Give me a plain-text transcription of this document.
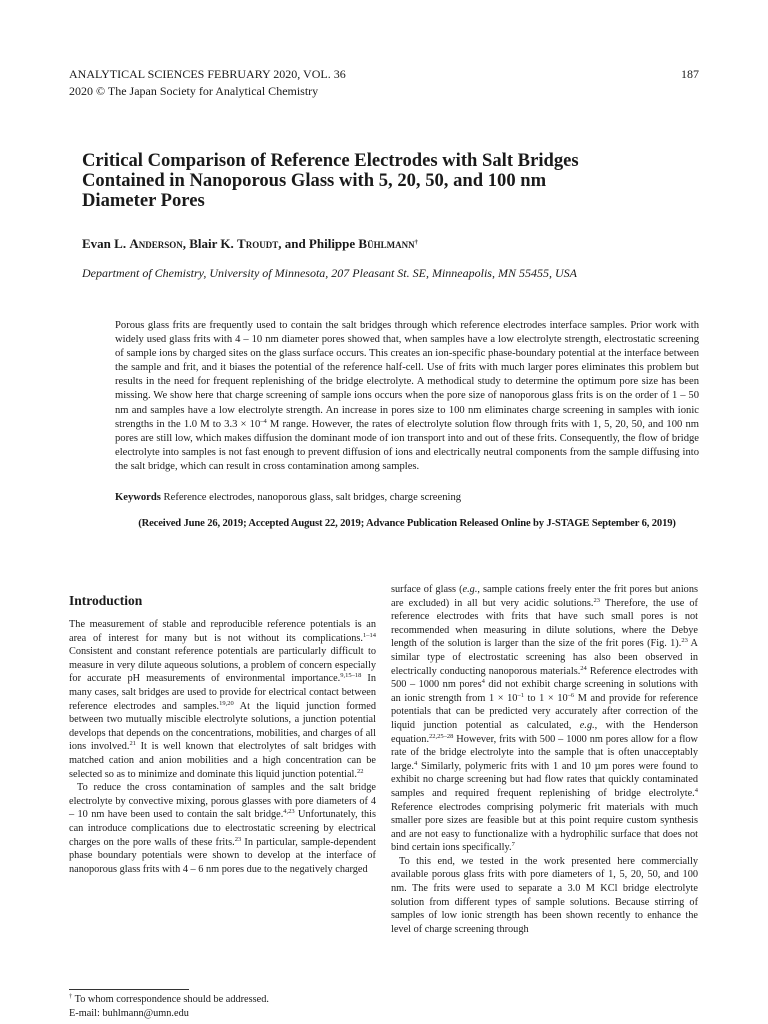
ANALYTICAL SCIENCES FEBRUARY 2020, VOL. 36	187
2020 © The Japan Society for Analytical Chemistry
Critical Comparison of Reference Electrodes with Salt Bridges
Contained in Nanoporous Glass with 5, 20, 50, and 100 nm
Diameter Pores
Evan L. Anderson, Blair K. Troudt, and Philippe Bühlmann†
Department of Chemistry, University of Minnesota, 207 Pleasant St. SE, Minneapolis, MN 55455, USA
Porous glass frits are frequently used to contain the salt bridges through which reference electrodes interface samples. Prior work with widely used glass frits with 4 – 10 nm diameter pores showed that, when samples have a low electrolyte strength, electrostatic screening of sample ions by charged sites on the glass surface occurs. This creates an ion-specific phase-boundary potential at the interface between the sample and frit, and it biases the potential of the reference half-cell. Use of frits with much larger pores eliminates this problem but results in the need for frequent replenishing of the bridge electrolyte. A methodical study to determine the optimum pore size has been missing. We show here that charge screening of sample ions occurs when the pore size of nanoporous glass frits is on the order of 1 – 50 nm and samples have a low electrolyte strength. An increase in pores size to 100 nm eliminates charge screening in samples with ionic strengths in the 1.0 M to $3.3 \times 10^{-4}$ M range. However, the rates of electrolyte solution flow through frits with 1, 5, 20, 50, and 100 nm pores are still low, which makes diffusion the dominant mode of ion transport into and out of these frits. Consequently, the flow of bridge electrolyte into samples is not fast enough to prevent diffusion of ions and electrically neutral components from the sample diffusing into the salt bridge, which can result in cross contamination among samples.
Keywords Reference electrodes, nanoporous glass, salt bridges, charge screening
(Received June 26, 2019; Accepted August 22, 2019; Advance Publication Released Online by J-STAGE September 6, 2019)
Introduction

The measurement of stable and reproducible reference potentials is an area of interest for many but is not without its complications.$^{1-14}$ Consistent and constant reference potentials are particularly difficult to measure in very dilute aqueous solutions, a problem of concern especially for accurate pH measurements of environmental importance.$^{9,15-18}$ In many cases, salt bridges are used to provide for electrical contact between reference electrodes and samples.$^{19,20}$ At the liquid junction formed between two mutually miscible electrolyte solutions, a junction potential develops that depends on the concentrations, mobilities, and charges of all ions involved.$^{21}$ It is well known that electrolytes of salt bridges with matched cation and anion mobilities and a high concentration can be selected so as to minimize and dominate this liquid junction potential.$^{22}$

To reduce the cross contamination of samples and the salt bridge electrolyte by convective mixing, porous glasses with pore diameters of 4 – 10 nm have been used to contain the salt bridge.$^{4,23}$ Unfortunately, this can introduce complications due to electrostatic screening by electrical charges on the pore walls of these frits.$^{23}$ In particular, sample-dependent phase boundary potentials were shown to develop at the interface of nanoporous glass frits with 4 – 6 nm pores due to the negatively charged

† To whom correspondence should be addressed.
E-mail: buhlmann@umn.edu

surface of glass (e.g., sample cations freely enter the frit pores but anions are excluded) in all but very acidic solutions.$^{23}$ Therefore, the use of reference electrodes with frits that have such small pores is not recommended when measuring in dilute solutions, where the Debye length of the solution is larger than the size of the frit pores (Fig. 1).$^{23}$ A similar type of electrostatic screening has also been observed in electrically conducting nanoporous materials.$^{24}$ Reference electrodes with 500 – 1000 nm pores$^4$ did not exhibit charge screening in solutions with an ionic strength from $1 \times 10^{-1}$ to $1 \times 10^{-6}$ M and provide for reference potentials that can be predicted very accurately after correction of the liquid junction potential as calculated, e.g., with the Henderson equation.$^{22,25-28}$ However, frits with 500 – 1000 nm pores allow for a flow rate of the bridge electrolyte into the sample that is often unacceptably large.$^4$ Similarly, polymeric frits with 1 and 10 µm pores were found to exhibit no charge screening but had flow rates that quickly contaminated samples and required frequent replenishing of bridge electrolyte.$^4$ Reference electrodes comprising polymeric frit materials with much smaller pore sizes are feasible but at this point require custom synthesis and are not easy to functionalize with a hydrophilic surface that does not bind certain ions specifically.$^7$

To this end, we tested in the work presented here commercially available porous glass frits with pore diameters of 1, 5, 20, 50, and 100 nm. The frits were used to separate a 3.0 M KCl bridge electrolyte solution from different types of sample solutions. Because stirring of samples of low ionic strength has been shown recently to enhance the level of charge screening through
